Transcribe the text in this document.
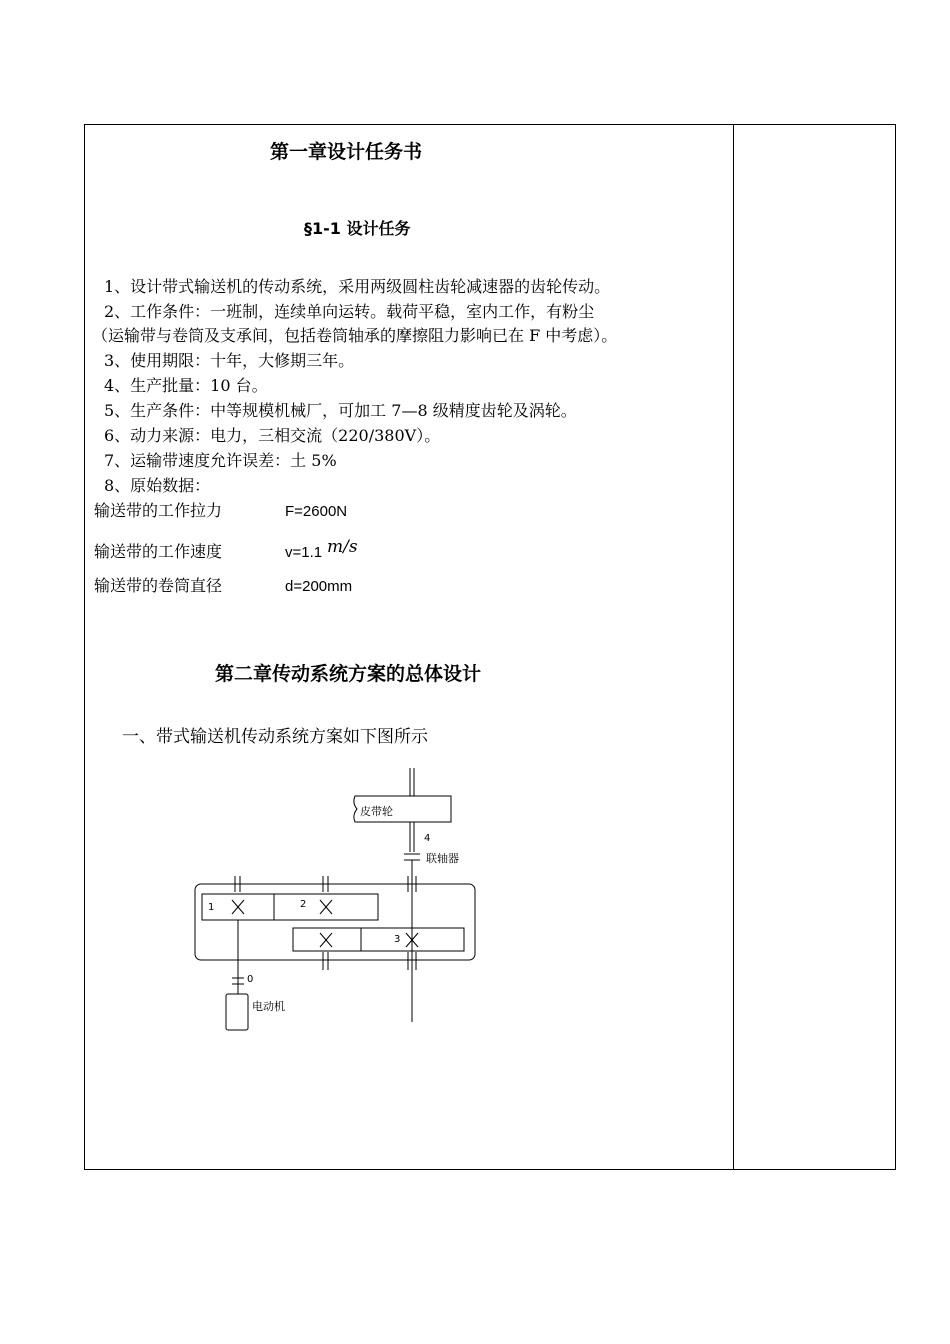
第一章设计任务书
§1-1 设计任务
1、设计带式输送机的传动系统，采用两级圆柱齿轮减速器的齿轮传动。
2、工作条件：一班制，连续单向运转。载荷平稳，室内工作，有粉尘
（运输带与卷筒及支承间，包括卷筒轴承的摩擦阻力影响已在 F 中考虑）。
3、使用期限：十年，大修期三年。
4、生产批量：10 台。
5、生产条件：中等规模机械厂，可加工 7—8 级精度齿轮及涡轮。
6、动力来源：电力，三相交流（220/380V）。
7、运输带速度允许误差：土 5%
8、原始数据：
输送带的工作拉力	F=2600N
输送带的工作速度	v=1.1 m/s
输送带的卷筒直径	d=200mm
第二章传动系统方案的总体设计
一、带式输送机传动系统方案如下图所示
皮带轮
联轴器
电动机
0
1	2
3
4
